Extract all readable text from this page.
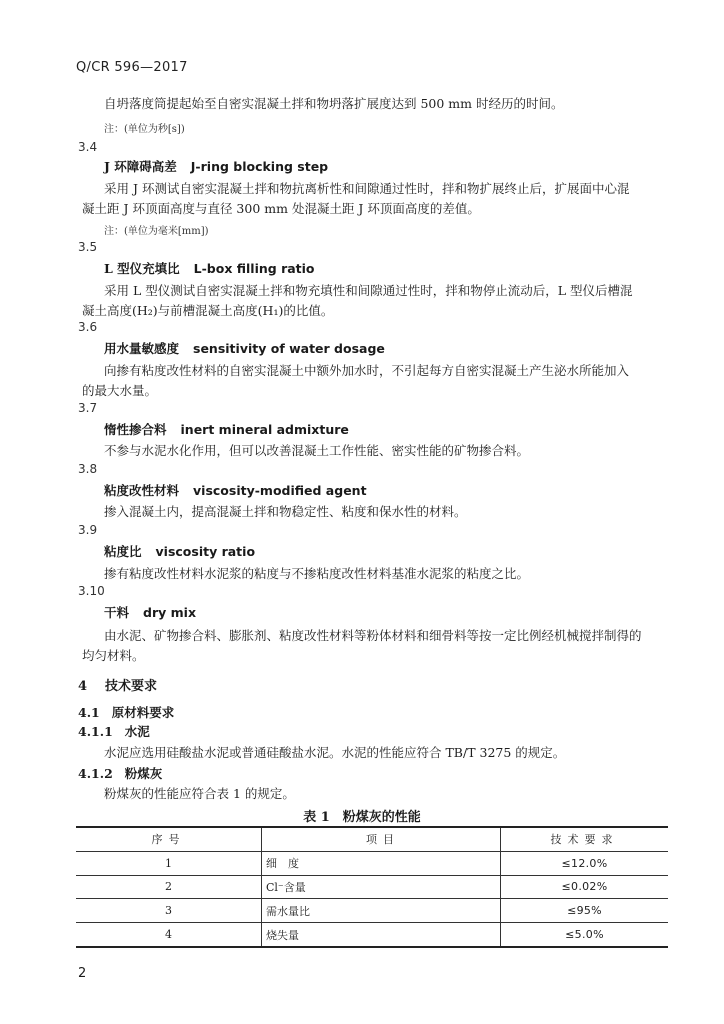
Q/CR 596—2017
自坍落度筒提起始至自密实混凝土拌和物坍落扩展度达到 500 mm 时经历的时间。
注：(单位为秒[s])
3.4
J 环障碍高差 J-ring blocking step
采用 J 环测试自密实混凝土拌和物抗离析性和间隙通过性时，拌和物扩展终止后，扩展面中心混
凝土距 J 环顶面高度与直径 300 mm 处混凝土距 J 环顶面高度的差值。
注：(单位为毫米[mm])
3.5
L 型仪充填比 L-box filling ratio
采用 L 型仪测试自密实混凝土拌和物充填性和间隙通过性时，拌和物停止流动后，L 型仪后槽混
凝土高度(H₂)与前槽混凝土高度(H₁)的比值。
3.6
用水量敏感度 sensitivity of water dosage
向掺有粘度改性材料的自密实混凝土中额外加水时，不引起每方自密实混凝土产生泌水所能加入
的最大水量。
3.7
惰性掺合料 inert mineral admixture
不参与水泥水化作用，但可以改善混凝土工作性能、密实性能的矿物掺合料。
3.8
粘度改性材料 viscosity-modified agent
掺入混凝土内，提高混凝土拌和物稳定性、粘度和保水性的材料。
3.9
粘度比 viscosity ratio
掺有粘度改性材料水泥浆的粘度与不掺粘度改性材料基准水泥浆的粘度之比。
3.10
干料 dry mix
由水泥、矿物掺合料、膨胀剂、粘度改性材料等粉体材料和细骨料等按一定比例经机械搅拌制得的
均匀材料。
4 技术要求
4.1 原材料要求
4.1.1 水泥
水泥应选用硅酸盐水泥或普通硅酸盐水泥。水泥的性能应符合 TB/T 3275 的规定。
4.1.2 粉煤灰
粉煤灰的性能应符合表 1 的规定。
表 1　粉煤灰的性能
序号	项目	技术要求
1	细　度	≤12.0%
2	Cl⁻含量	≤0.02%
3	需水量比	≤95%
4	烧失量	≤5.0%
2
